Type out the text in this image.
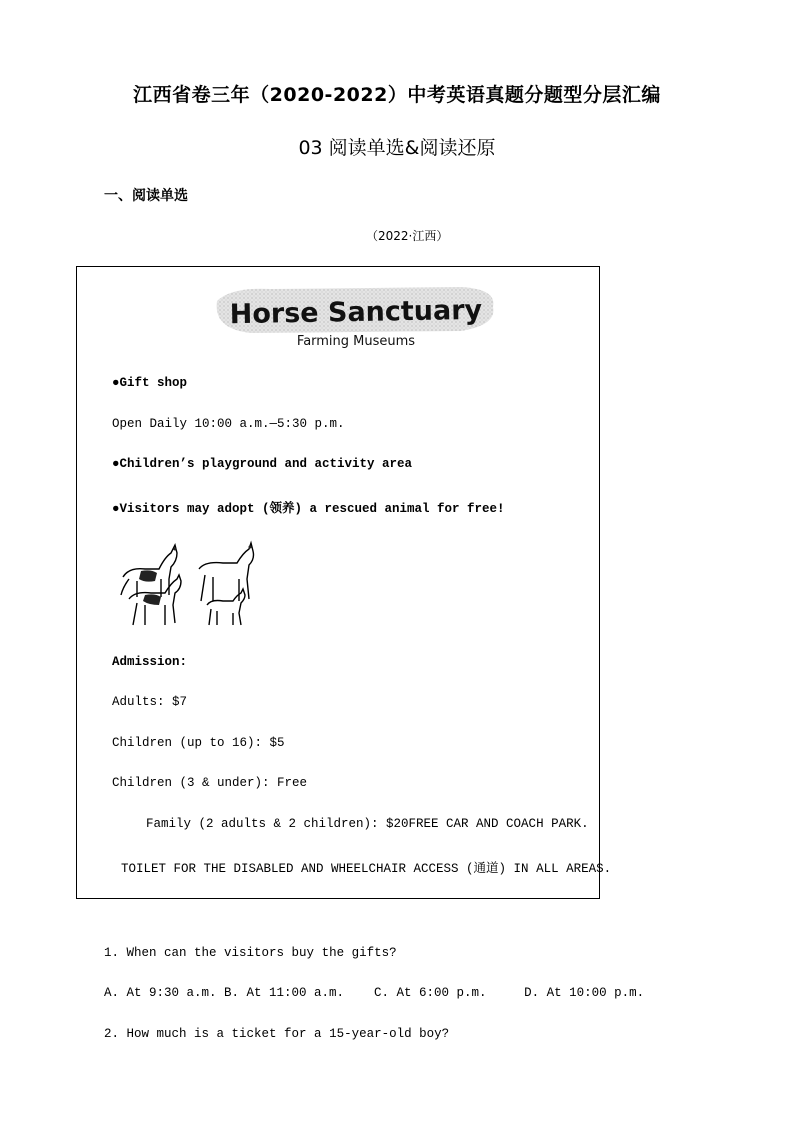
江西省卷三年（2020-2022）中考英语真题分题型分层汇编
03 阅读单选&阅读还原
一、阅读单选
（2022·江西）
Horse Sanctuary
Farming Museums
●Gift shop
Open Daily 10:00 a.m.—5:30 p.m.
●Children’s playground and activity area
●Visitors may adopt (领养) a rescued animal for free!
Admission:
Adults: $7
Children (up to 16): $5
Children (3 & under): Free
Family (2 adults & 2 children): $20FREE CAR AND COACH PARK.
TOILET FOR THE DISABLED AND WHEELCHAIR ACCESS (通道) IN ALL AREAS.
1. When can the visitors buy the gifts?
A. At 9:30 a.m. B. At 11:00 a.m.    C. At 6:00 p.m.     D. At 10:00 p.m.
2. How much is a ticket for a 15-year-old boy?
